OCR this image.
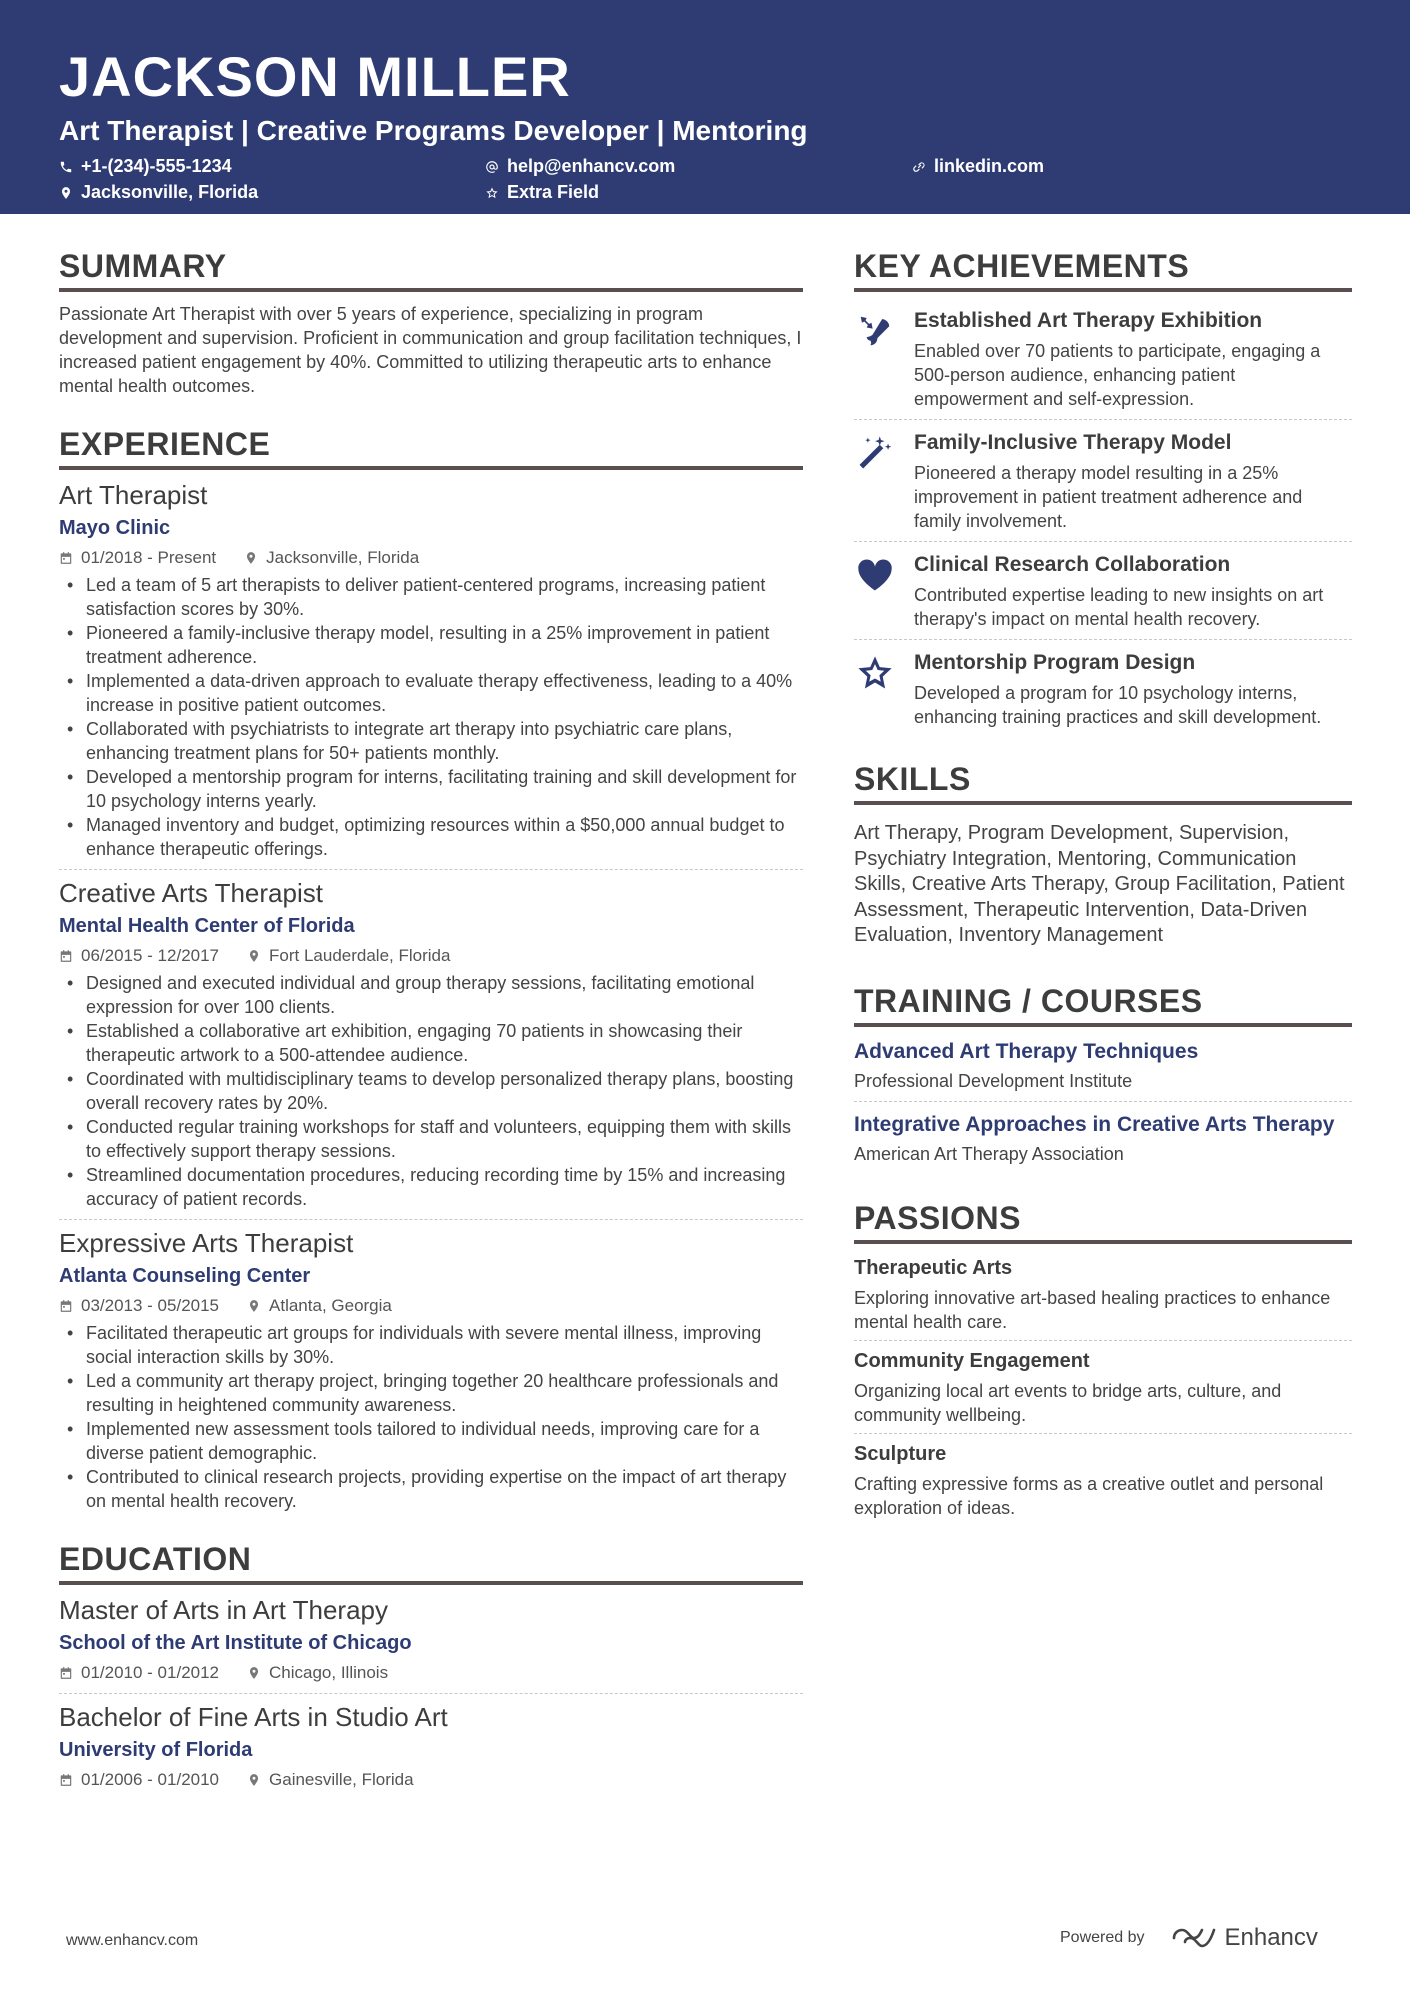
JACKSON MILLER
Art Therapist | Creative Programs Developer | Mentoring
+1-(234)-555-1234	help@enhancv.com	linkedin.com
Jacksonville, Florida	Extra Field
SUMMARY
Passionate Art Therapist with over 5 years of experience, specializing in program development and supervision. Proficient in communication and group facilitation techniques, I increased patient engagement by 40%. Committed to utilizing therapeutic arts to enhance mental health outcomes.
EXPERIENCE
Art Therapist
Mayo Clinic
01/2018 - Present	Jacksonville, Florida
• Led a team of 5 art therapists to deliver patient-centered programs, increasing patient satisfaction scores by 30%.
• Pioneered a family-inclusive therapy model, resulting in a 25% improvement in patient treatment adherence.
• Implemented a data-driven approach to evaluate therapy effectiveness, leading to a 40% increase in positive patient outcomes.
• Collaborated with psychiatrists to integrate art therapy into psychiatric care plans, enhancing treatment plans for 50+ patients monthly.
• Developed a mentorship program for interns, facilitating training and skill development for 10 psychology interns yearly.
• Managed inventory and budget, optimizing resources within a $50,000 annual budget to enhance therapeutic offerings.
Creative Arts Therapist
Mental Health Center of Florida
06/2015 - 12/2017	Fort Lauderdale, Florida
• Designed and executed individual and group therapy sessions, facilitating emotional expression for over 100 clients.
• Established a collaborative art exhibition, engaging 70 patients in showcasing their therapeutic artwork to a 500-attendee audience.
• Coordinated with multidisciplinary teams to develop personalized therapy plans, boosting overall recovery rates by 20%.
• Conducted regular training workshops for staff and volunteers, equipping them with skills to effectively support therapy sessions.
• Streamlined documentation procedures, reducing recording time by 15% and increasing accuracy of patient records.
Expressive Arts Therapist
Atlanta Counseling Center
03/2013 - 05/2015	Atlanta, Georgia
• Facilitated therapeutic art groups for individuals with severe mental illness, improving social interaction skills by 30%.
• Led a community art therapy project, bringing together 20 healthcare professionals and resulting in heightened community awareness.
• Implemented new assessment tools tailored to individual needs, improving care for a diverse patient demographic.
• Contributed to clinical research projects, providing expertise on the impact of art therapy on mental health recovery.
EDUCATION
Master of Arts in Art Therapy
School of the Art Institute of Chicago
01/2010 - 01/2012	Chicago, Illinois
Bachelor of Fine Arts in Studio Art
University of Florida
01/2006 - 01/2010	Gainesville, Florida
KEY ACHIEVEMENTS
Established Art Therapy Exhibition
Enabled over 70 patients to participate, engaging a 500-person audience, enhancing patient empowerment and self-expression.
Family-Inclusive Therapy Model
Pioneered a therapy model resulting in a 25% improvement in patient treatment adherence and family involvement.
Clinical Research Collaboration
Contributed expertise leading to new insights on art therapy's impact on mental health recovery.
Mentorship Program Design
Developed a program for 10 psychology interns, enhancing training practices and skill development.
SKILLS
Art Therapy, Program Development, Supervision, Psychiatry Integration, Mentoring, Communication Skills, Creative Arts Therapy, Group Facilitation, Patient Assessment, Therapeutic Intervention, Data-Driven Evaluation, Inventory Management
TRAINING / COURSES
Advanced Art Therapy Techniques
Professional Development Institute
Integrative Approaches in Creative Arts Therapy
American Art Therapy Association
PASSIONS
Therapeutic Arts
Exploring innovative art-based healing practices to enhance mental health care.
Community Engagement
Organizing local art events to bridge arts, culture, and community wellbeing.
Sculpture
Crafting expressive forms as a creative outlet and personal exploration of ideas.
www.enhancv.com	Powered by	Enhancv
